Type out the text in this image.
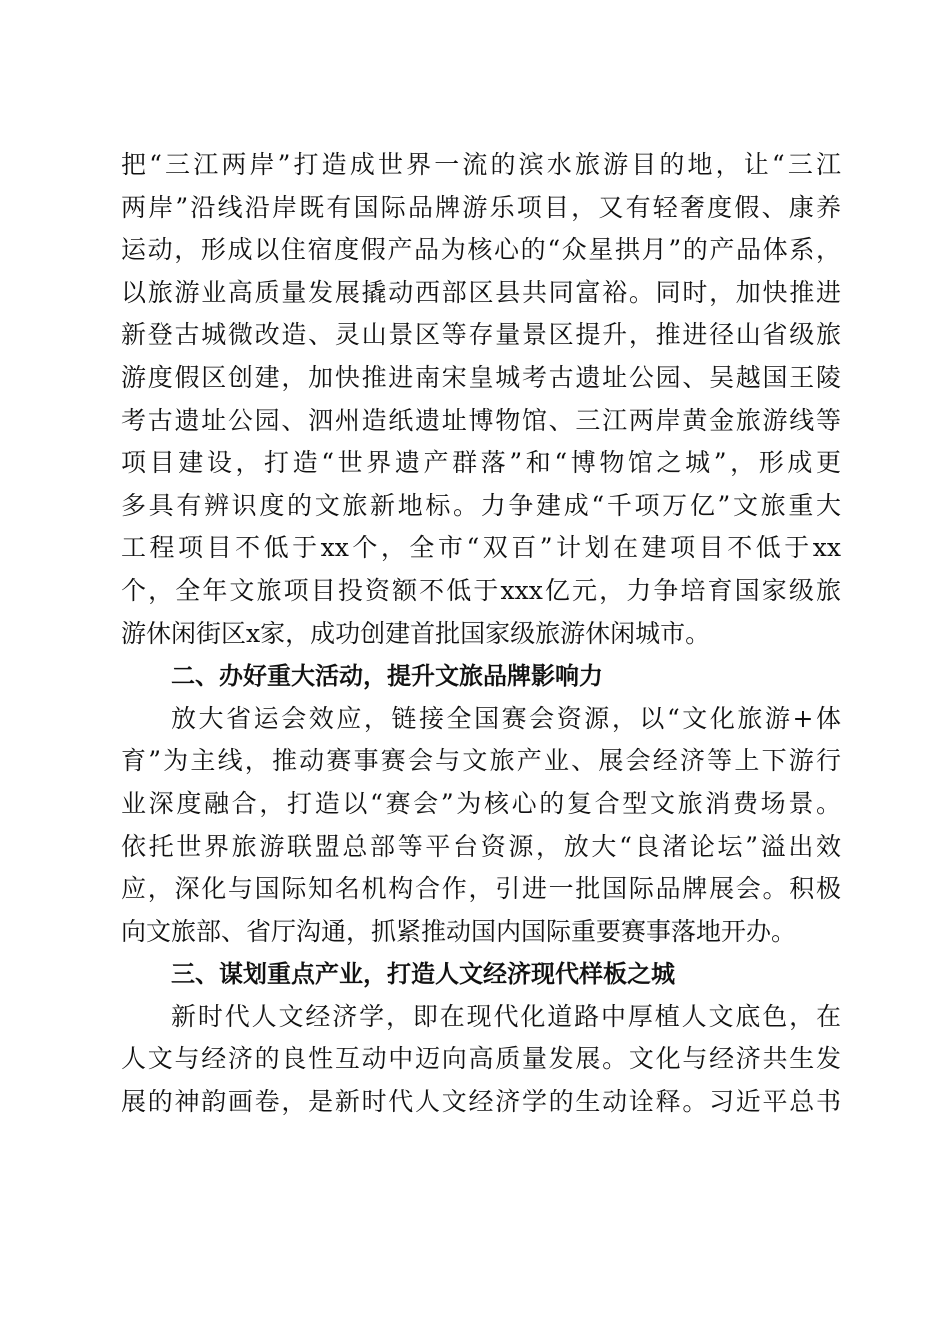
把“三江两岸”打造成世界一流的滨水旅游目的地，让“三江
两岸”沿线沿岸既有国际品牌游乐项目，又有轻奢度假、康养
运动，形成以住宿度假产品为核心的“众星拱月”的产品体系，
以旅游业高质量发展撬动西部区县共同富裕。同时，加快推进
新登古城微改造、灵山景区等存量景区提升，推进径山省级旅
游度假区创建，加快推进南宋皇城考古遗址公园、吴越国王陵
考古遗址公园、泗州造纸遗址博物馆、三江两岸黄金旅游线等
项目建设，打造“世界遗产群落”和“博物馆之城”，形成更
多具有辨识度的文旅新地标。力争建成“千项万亿”文旅重大
工程项目不低于xx个，全市“双百”计划在建项目不低于xx
个，全年文旅项目投资额不低于xxx亿元，力争培育国家级旅
游休闲街区x家，成功创建首批国家级旅游休闲城市。
二、办好重大活动，提升文旅品牌影响力
放大省运会效应，链接全国赛会资源，以“文化旅游+体
育”为主线，推动赛事赛会与文旅产业、展会经济等上下游行
业深度融合，打造以“赛会”为核心的复合型文旅消费场景。
依托世界旅游联盟总部等平台资源，放大“良渚论坛”溢出效
应，深化与国际知名机构合作，引进一批国际品牌展会。积极
向文旅部、省厅沟通，抓紧推动国内国际重要赛事落地开办。
三、谋划重点产业，打造人文经济现代样板之城
新时代人文经济学，即在现代化道路中厚植人文底色，在
人文与经济的良性互动中迈向高质量发展。文化与经济共生发
展的神韵画卷，是新时代人文经济学的生动诠释。习近平总书
